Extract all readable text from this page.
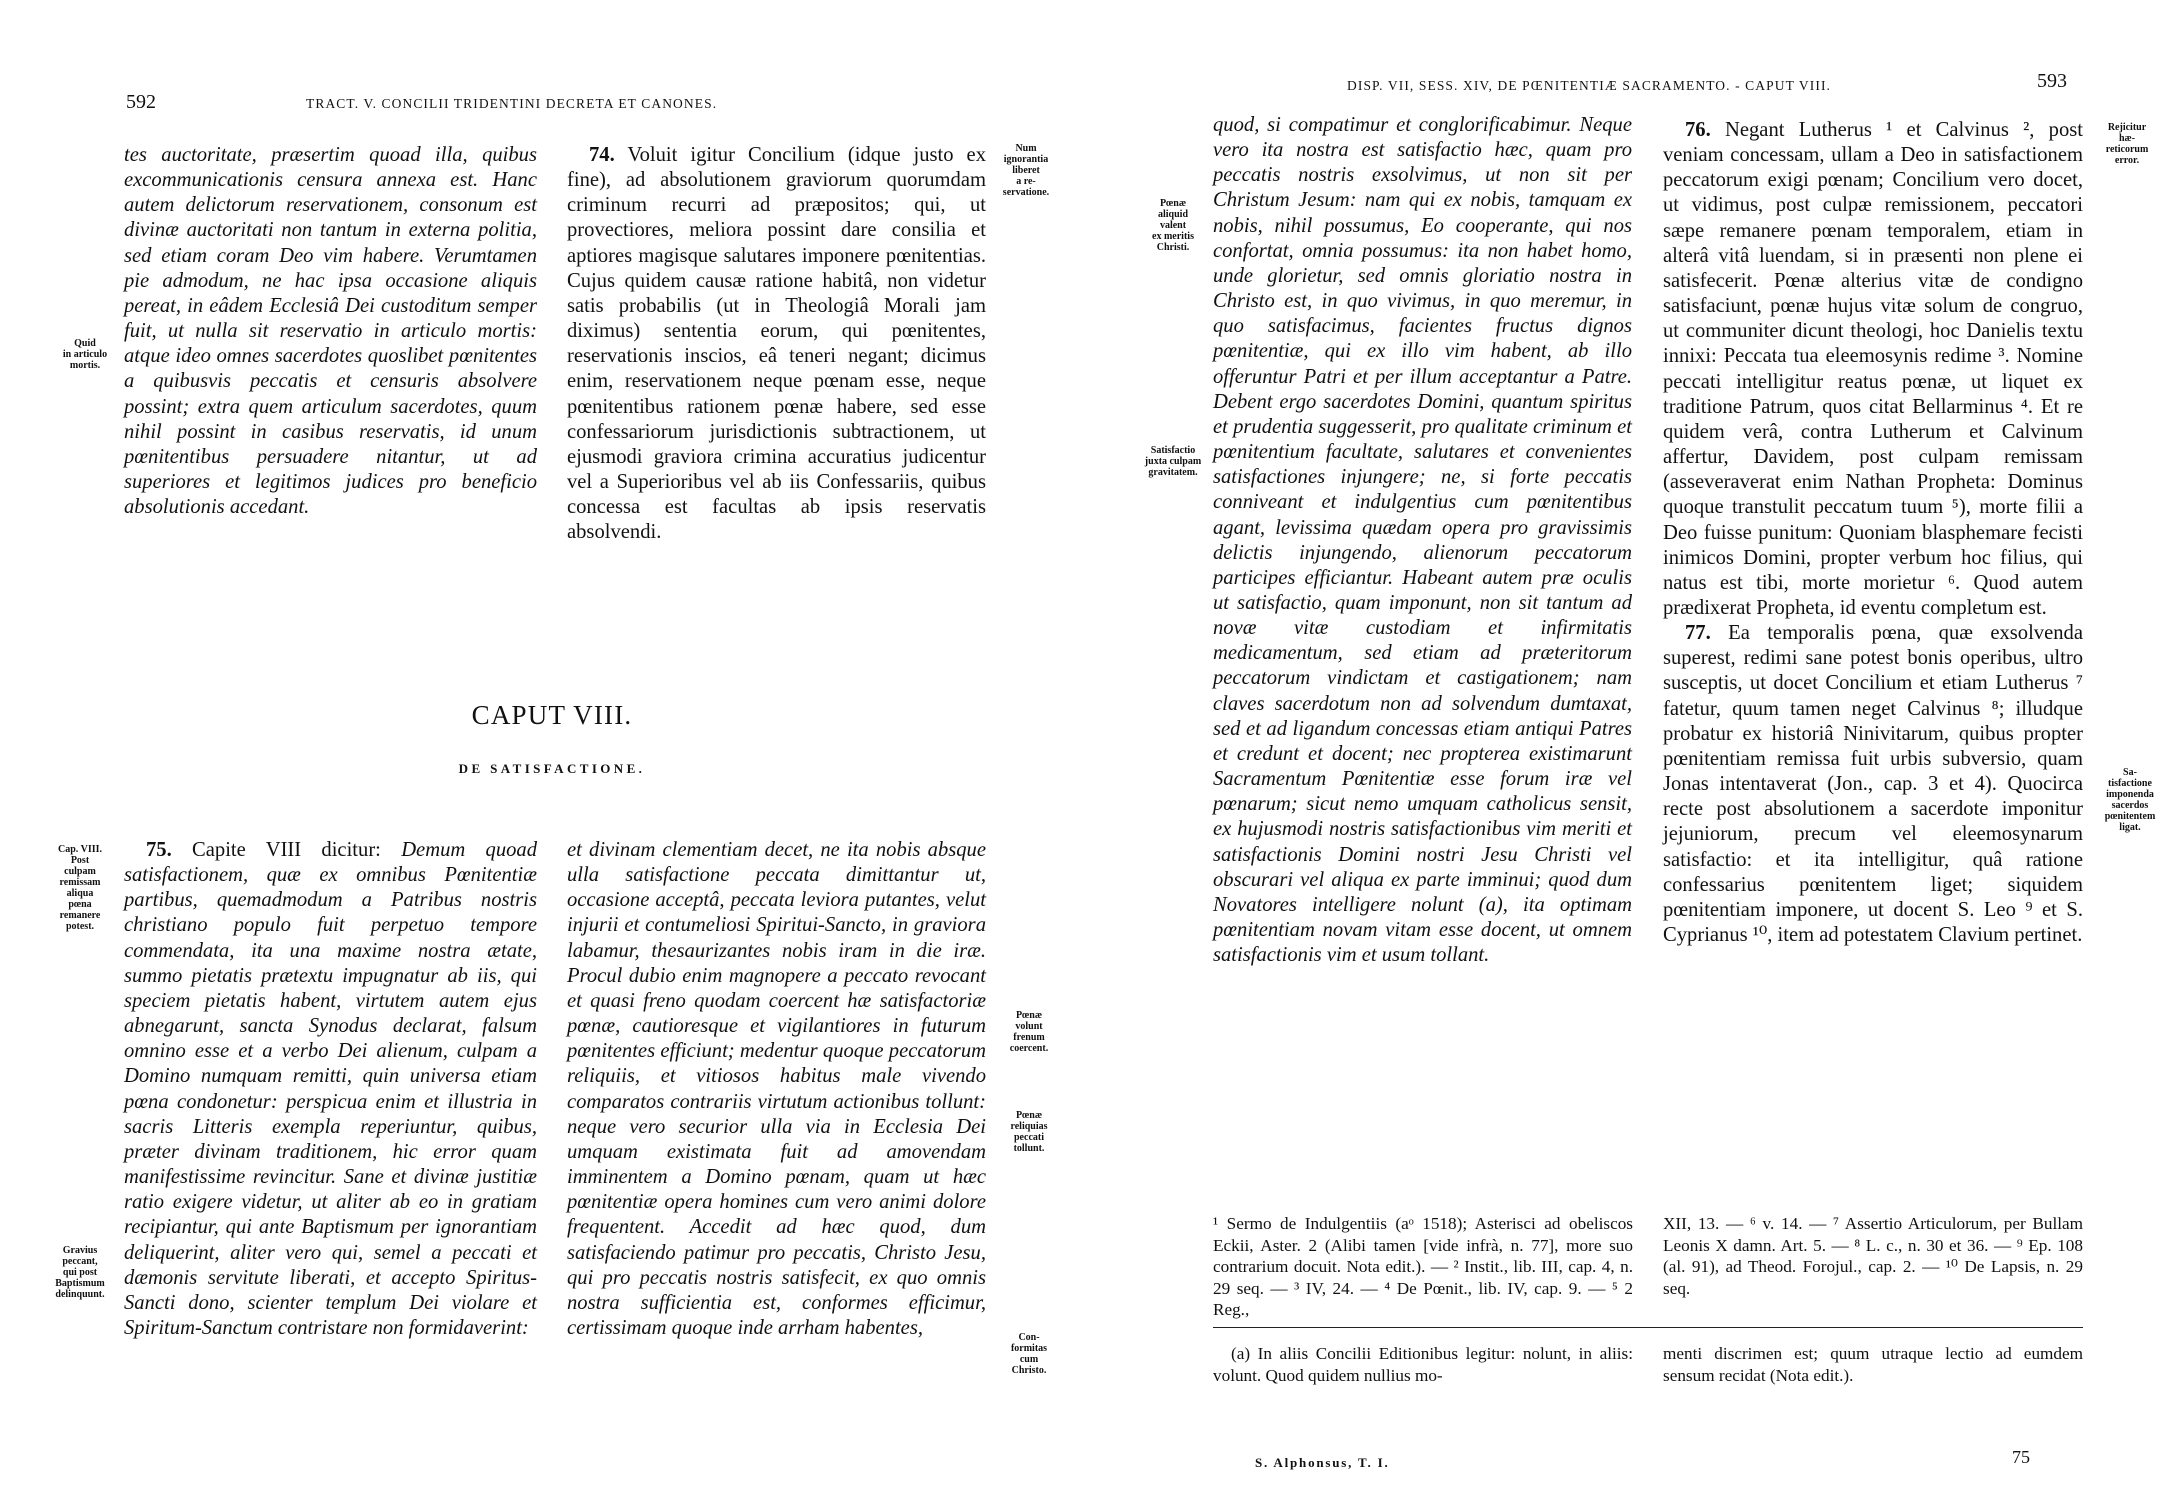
592	TRACT. V. CONCILII TRIDENTINI DECRETA ET CANONES.

tes auctoritate, præsertim quoad illa, quibus excommunicationis censura annexa est. Hanc autem delictorum reservationem, consonum est divinæ auctoritati non tantum in externa politia, sed etiam coram Deo vim habere. Verumtamen pie admodum, ne hac ipsa occasione aliquis pereat, in eâdem Ecclesiâ Dei custoditum semper fuit, ut nulla sit reservatio in articulo mortis: atque ideo omnes sacerdotes quoslibet pœnitentes a quibusvis peccatis et censuris absolvere possint; extra quem articulum sacerdotes, quum nihil possint in casibus reservatis, id unum pœnitentibus persuadere nitantur, ut ad superiores et legitimos judices pro beneficio absolutionis accedant.

74. Voluit igitur Concilium (idque justo ex fine), ad absolutionem graviorum quorumdam criminum recurri ad præpositos; qui, ut provectiores, meliora possint dare consilia et aptiores magisque salutares imponere pœnitentias. Cujus quidem causæ ratione habitâ, non videtur satis probabilis (ut in Theologiâ Morali jam diximus) sententia eorum, qui pœnitentes, reservationis inscios, eâ teneri negant; dicimus enim, reservationem neque pœnam esse, neque pœnitentibus rationem pœnæ habere, sed esse confessariorum jurisdictionis subtractionem, ut ejusmodi graviora crimina accuratius judicentur vel a Superioribus vel ab iis Confessariis, quibus concessa est facultas ab ipsis reservatis absolvendi.

CAPUT VIII.
DE SATISFACTIONE.

75. Capite VIII dicitur: Demum quoad satisfactionem, quæ ex omnibus Pœnitentiæ partibus, quemadmodum a Patribus nostris christiano populo fuit perpetuo tempore commendata, ita una maxime nostra ætate, summo pietatis prætextu impugnatur ab iis, qui speciem pietatis habent, virtutem autem ejus abnegarunt, sancta Synodus declarat, falsum omnino esse et a verbo Dei alienum, culpam a Domino numquam remitti, quin universa etiam pœna condonetur: perspicua enim et illustria in sacris Litteris exempla reperiuntur, quibus, præter divinam traditionem, hic error quam manifestissime revincitur. Sane et divinæ justitiæ ratio exigere videtur, ut aliter ab eo in gratiam recipiantur, qui ante Baptismum per ignorantiam deliquerint, aliter vero qui, semel a peccati et dæmonis servitute liberati, et accepto Spiritus-Sancti dono, scienter templum Dei violare et Spiritum-Sanctum contristare non formidaverint:

et divinam clementiam decet, ne ita nobis absque ulla satisfactione peccata dimittantur ut, occasione acceptâ, peccata leviora putantes, velut injurii et contumeliosi Spiritui-Sancto, in graviora labamur, thesaurizantes nobis iram in die iræ. Procul dubio enim magnopere a peccato revocant et quasi freno quodam coercent hæ satisfactoriæ pœnæ, cautioresque et vigilantiores in futurum pœnitentes efficiunt; medentur quoque peccatorum reliquiis, et vitiosos habitus male vivendo comparatos contrariis virtutum actionibus tollunt: neque vero securior ulla via in Ecclesia Dei umquam existimata fuit ad amovendam imminentem a Domino pœnam, quam ut hæc pœnitentiæ opera homines cum vero animi dolore frequentent. Accedit ad hæc quod, dum satisfaciendo patimur pro peccatis, Christo Jesu, qui pro peccatis nostris satisfecit, ex quo omnis nostra sufficientia est, conformes efficimur, certissimam quoque inde arrham habentes,

Quid
in articulo
mortis.
Num
ignorantia
liberet
a re-
servatione.
Cap. VIII.
Post
culpam
remissam
aliqua
pœna
remanere
potest.
Gravius
peccant,
qui post
Baptismum
delinquunt.
Pœnæ
volunt
frenum
coercent.
Pœnæ
reliquias
peccati
tollunt.
Con-
formitas
cum
Christo.
DISP. VII, SESS. XIV, DE PŒNITENTIÆ SACRAMENTO. - CAPUT VIII.	593

quod, si compatimur et conglorificabimur. Neque vero ita nostra est satisfactio hæc, quam pro peccatis nostris exsolvimus, ut non sit per Christum Jesum: nam qui ex nobis, tamquam ex nobis, nihil possumus, Eo cooperante, qui nos confortat, omnia possumus: ita non habet homo, unde glorietur, sed omnis gloriatio nostra in Christo est, in quo vivimus, in quo meremur, in quo satisfacimus, facientes fructus dignos pœnitentiæ, qui ex illo vim habent, ab illo offeruntur Patri et per illum acceptantur a Patre. Debent ergo sacerdotes Domini, quantum spiritus et prudentia suggesserit, pro qualitate criminum et pœnitentium facultate, salutares et convenientes satisfactiones injungere; ne, si forte peccatis conniveant et indulgentius cum pœnitentibus agant, levissima quædam opera pro gravissimis delictis injungendo, alienorum peccatorum participes efficiantur. Habeant autem præ oculis ut satisfactio, quam imponunt, non sit tantum ad novæ vitæ custodiam et infirmitatis medicamentum, sed etiam ad præteritorum peccatorum vindictam et castigationem; nam claves sacerdotum non ad solvendum dumtaxat, sed et ad ligandum concessas etiam antiqui Patres et credunt et docent; nec propterea existimarunt Sacramentum Pœnitentiæ esse forum iræ vel pœnarum; sicut nemo umquam catholicus sensit, ex hujusmodi nostris satisfactionibus vim meriti et satisfactionis Domini nostri Jesu Christi vel obscurari vel aliqua ex parte imminui; quod dum Novatores intelligere nolunt (a), ita optimam pœnitentiam novam vitam esse docent, ut omnem satisfactionis vim et usum tollant.

76. Negant Lutherus ¹ et Calvinus ², post veniam concessam, ullam a Deo in satisfactionem peccatorum exigi pœnam; Concilium vero docet, ut vidimus, post culpæ remissionem, peccatori sæpe remanere pœnam temporalem, etiam in alterâ vitâ luendam, si in præsenti non plene ei satisfecerit. Pœnæ alterius vitæ de condigno satisfaciunt, pœnæ hujus vitæ solum de congruo, ut communiter dicunt theologi, hoc Danielis textu innixi: Peccata tua eleemosynis redime ³. Nomine peccati intelligitur reatus pœnæ, ut liquet ex traditione Patrum, quos citat Bellarminus ⁴. Et re quidem verâ, contra Lutherum et Calvinum affertur, Davidem, post culpam remissam (asseveraverat enim Nathan Propheta: Dominus quoque transtulit peccatum tuum ⁵), morte filii a Deo fuisse punitum: Quoniam blasphemare fecisti inimicos Domini, propter verbum hoc filius, qui natus est tibi, morte morietur ⁶. Quod autem prædixerat Propheta, id eventu completum est.

77. Ea temporalis pœna, quæ exsolvenda superest, redimi sane potest bonis operibus, ultro susceptis, ut docet Concilium et etiam Lutherus ⁷ fatetur, quum tamen neget Calvinus ⁸; illudque probatur ex historiâ Ninivitarum, quibus propter pœnitentiam remissa fuit urbis subversio, quam Jonas intentaverat (Jon., cap. 3 et 4). Quocirca recte post absolutionem a sacerdote imponitur jejuniorum, precum vel eleemosynarum satisfactio: et ita intelligitur, quâ ratione confessarius pœnitentem liget; siquidem pœnitentiam imponere, ut docent S. Leo ⁹ et S. Cyprianus ¹⁰, item ad potestatem Clavium pertinet.

Pœnæ
aliquid
valent
ex meritis
Christi.
Satisfactio
juxta culpam
gravitatem.
Rejicitur
hæ-
reticorum
error.
Sa-
tisfactione
imponenda
sacerdos
pœnitentem
ligat.
¹ Sermo de Indulgentiis (aᵒ 1518); Asterisci ad obeliscos Eckii, Aster. 2 (Alibi tamen [vide infrà, n. 77], more suo contrarium docuit. Nota edit.). — ² Instit., lib. III, cap. 4, n. 29 seq. — ³ IV, 24. — ⁴ De Pœnit., lib. IV, cap. 9. — ⁵ 2 Reg.,
XII, 13. — ⁶ v. 14. — ⁷ Assertio Articulorum, per Bullam Leonis X damn. Art. 5. — ⁸ L. c., n. 30 et 36. — ⁹ Ep. 108 (al. 91), ad Theod. Forojul., cap. 2. — ¹⁰ De Lapsis, n. 29 seq.
(a) In aliis Concilii Editionibus legitur: nolunt, in aliis: volunt. Quod quidem nullius mo-
menti discrimen est; quum utraque lectio ad eumdem sensum recidat (Nota edit.).
S. Alphonsus, T. I.	75
